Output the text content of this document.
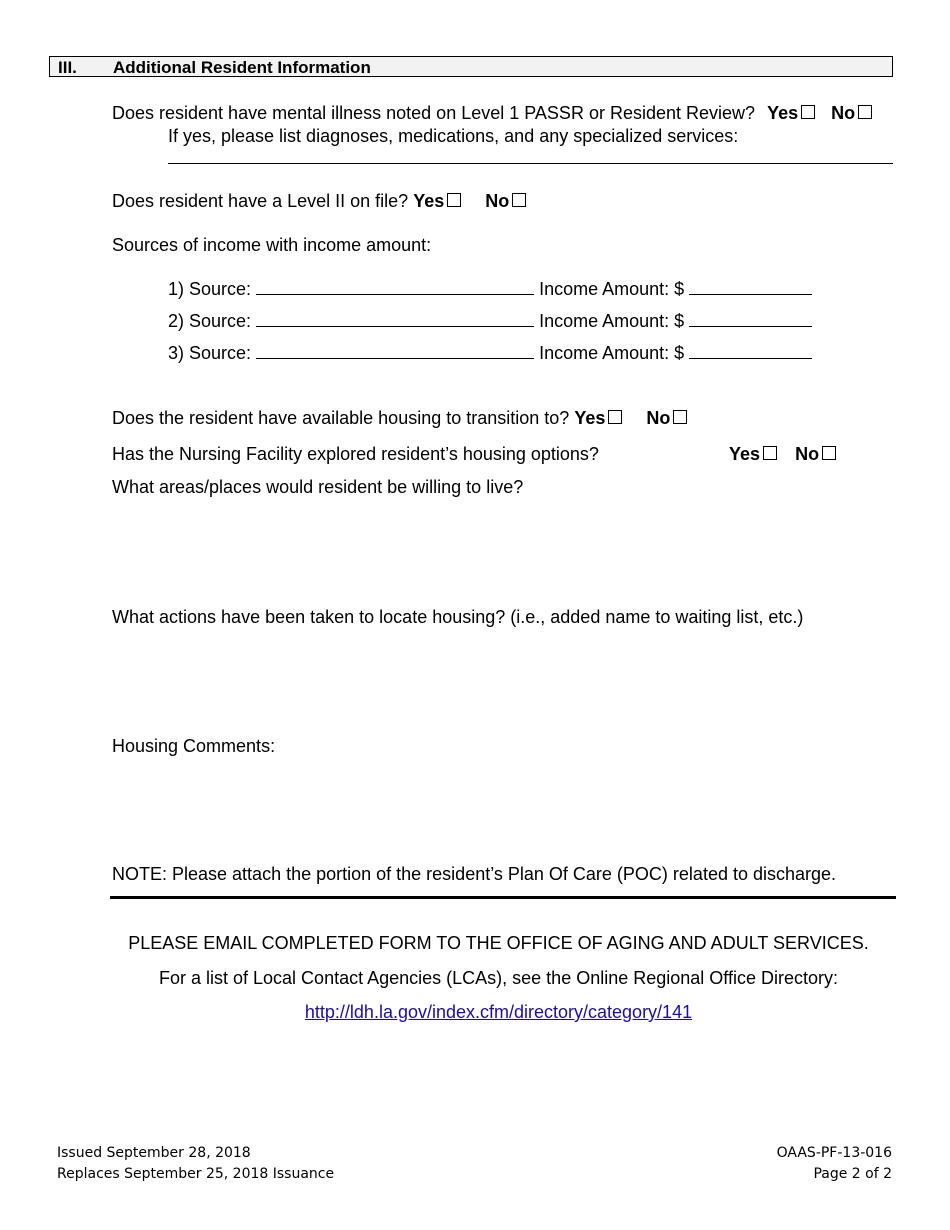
III. Additional Resident Information
Does resident have mental illness noted on Level 1 PASSR or Resident Review? Yes No
If yes, please list diagnoses, medications, and any specialized services:
Does resident have a Level II on file? Yes No
Sources of income with income amount:
1) Source:	Income Amount: $
2) Source:	Income Amount: $
3) Source:	Income Amount: $
Does the resident have available housing to transition to? Yes No
Has the Nursing Facility explored resident’s housing options?	Yes No
What areas/places would resident be willing to live?
What actions have been taken to locate housing? (i.e., added name to waiting list, etc.)
Housing Comments:
NOTE: Please attach the portion of the resident’s Plan Of Care (POC) related to discharge.
PLEASE EMAIL COMPLETED FORM TO THE OFFICE OF AGING AND ADULT SERVICES.
For a list of Local Contact Agencies (LCAs), see the Online Regional Office Directory:
http://ldh.la.gov/index.cfm/directory/category/141
Issued September 28, 2018
Replaces September 25, 2018 Issuance
OAAS-PF-13-016
Page 2 of 2
